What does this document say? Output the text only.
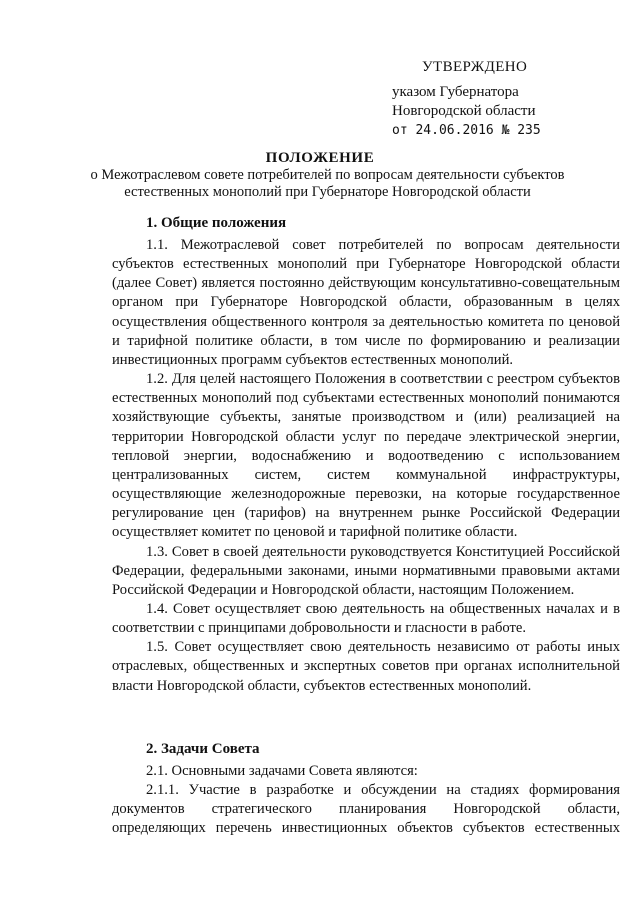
УТВЕРЖДЕНО
указом Губернатора
Новгородской области
от 24.06.2016 № 235
ПОЛОЖЕНИЕ
о Межотраслевом совете потребителей по вопросам деятельности субъектов естественных монополий при Губернаторе Новгородской области
1. Общие положения

1.1. Межотраслевой совет потребителей по вопросам деятельности субъектов естественных монополий при Губернаторе Новгородской области (далее Совет) является постоянно действующим консультативно-совещательным органом при Губернаторе Новгородской области, образованным в целях осуществления общественного контроля за деятельностью комитета по ценовой и тарифной политике области, в том числе по формированию и реализации инвестиционных программ субъектов естественных монополий.

1.2. Для целей настоящего Положения в соответствии с реестром субъектов естественных монополий под субъектами естественных монополий понимаются хозяйствующие субъекты, занятые производством и (или) реализацией на территории Новгородской области услуг по передаче электрической энергии, тепловой энергии, водоснабжению и водоотведению с использованием централизованных систем, систем коммунальной инфраструктуры, осуществляющие железнодорожные перевозки, на которые государственное регулирование цен (тарифов) на внутреннем рынке Российской Федерации осуществляет комитет по ценовой и тарифной политике области.

1.3. Совет в своей деятельности руководствуется Конституцией Российской Федерации, федеральными законами, иными нормативными правовыми актами Российской Федерации и Новгородской области, настоящим Положением.

1.4. Совет осуществляет свою деятельность на общественных началах и в соответствии с принципами добровольности и гласности в работе.

1.5. Совет осуществляет свою деятельность независимо от работы иных отраслевых, общественных и экспертных советов при органах исполнительной власти Новгородской области, субъектов естественных монополий.

2. Задачи Совета

2.1. Основными задачами Совета являются:

2.1.1. Участие в разработке и обсуждении на стадиях формирования документов стратегического планирования Новгородской области, определяющих перечень инвестиционных объектов субъектов естественных
